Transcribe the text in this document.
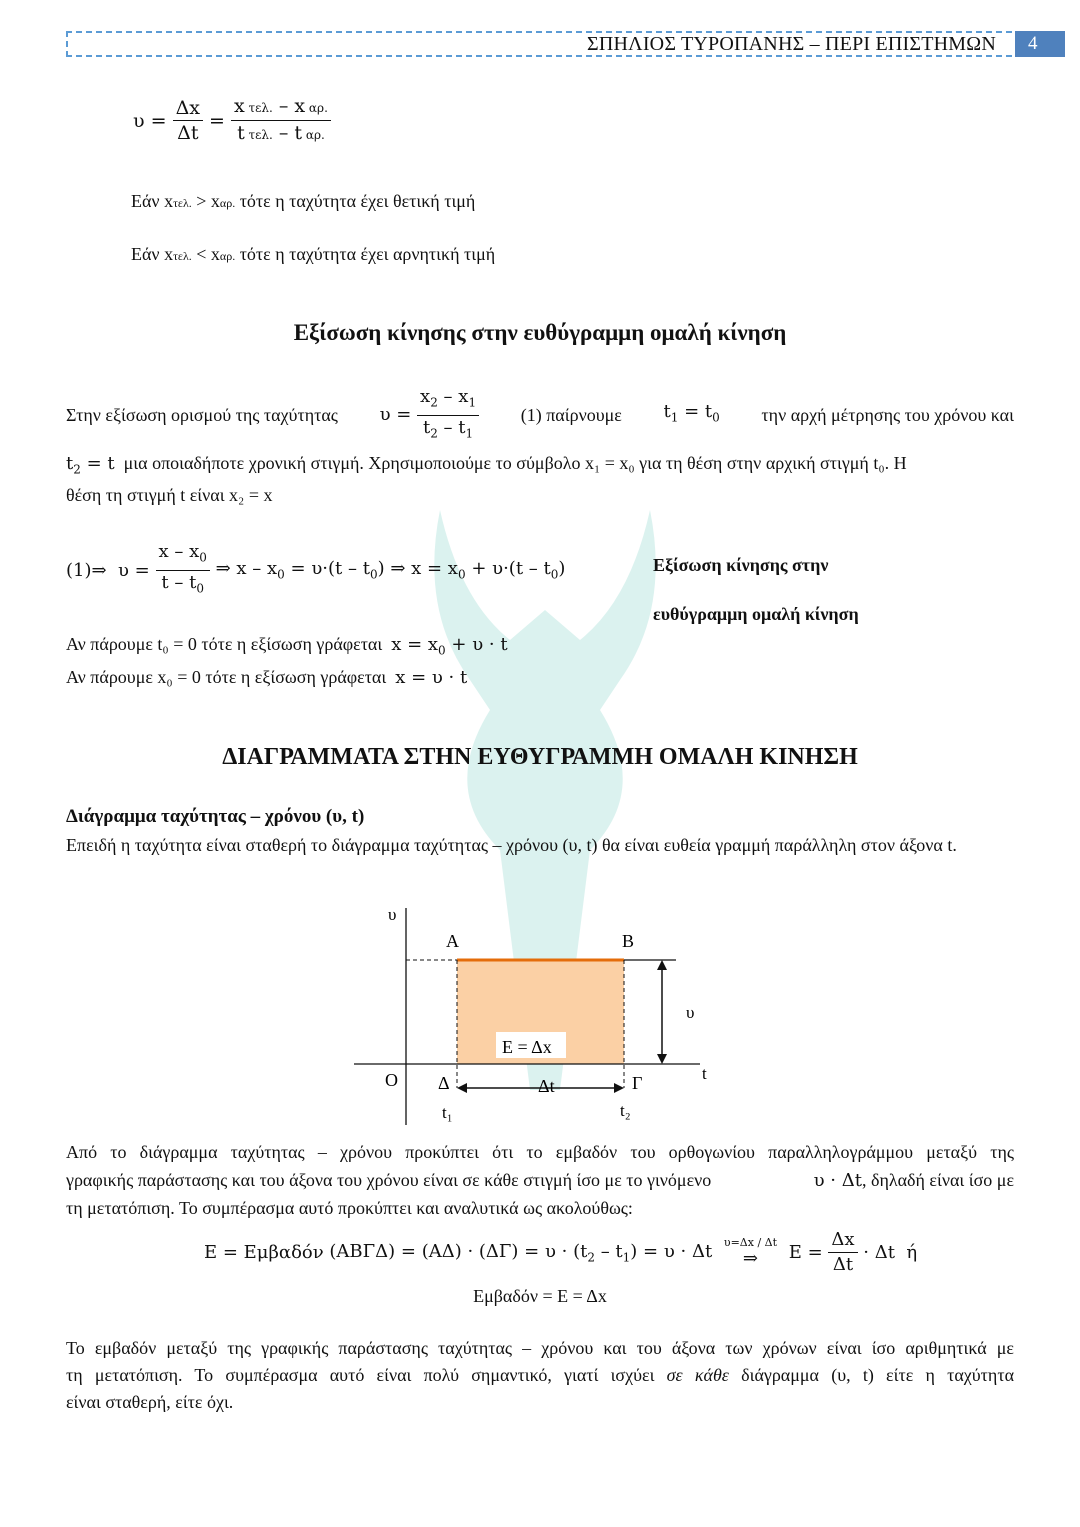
ΣΠΗΛΙΟΣ ΤΥΡΟΠΑΝΗΣ – ΠΕΡΙ ΕΠΙΣΤΗΜΩΝ	4
$\upsilon = \frac{\Delta x}{\Delta t} = \frac{\text{x τελ. – x αρ.}}{\text{t τελ. – t αρ.}}$
Εάν xτελ. > xαρ. τότε η ταχύτητα έχει θετική τιμή
Εάν xτελ. < xαρ. τότε η ταχύτητα έχει αρνητική τιμή
Εξίσωση κίνησης στην ευθύγραμμη ομαλή κίνηση
Στην εξίσωση ορισμού της ταχύτητας $\upsilon = \frac{x_2 - x_1}{t_2 - t_1} (1)$ παίρνουμε $t_1 = t_0$ την αρχή μέτρησης του χρόνου και
$t_2 = t$ μια οποιαδήποτε χρονική στιγμή. Χρησιμοποιούμε το σύμβολο x₁ = x₀ για τη θέση στην αρχική στιγμή t₀. Η
θέση τη στιγμή t είναι x₂ = x
(1)⇒  $\upsilon = \frac{x - x_0}{t - t_0}$ ⇒ $x - x_0 = \upsilon\cdot(t - t_0)$ ⇒ $x = x_0 + \upsilon\cdot(t - t_0)$	Εξίσωση κίνησης στην
ευθύγραμμη ομαλή κίνηση
Αν πάρουμε t₀ = 0 τότε η εξίσωση γράφεται $x = x_0 + \upsilon \cdot t$
Αν πάρουμε x₀ = 0 τότε η εξίσωση γράφεται x = υ · t
ΔΙΑΓΡΑΜΜΑΤΑ ΣΤΗΝ ΕΥΘΥΓΡΑΜΜΗ ΟΜΑΛΗ ΚΙΝΗΣΗ
Διάγραμμα ταχύτητας – χρόνου (υ, t)
Επειδή η ταχύτητα είναι σταθερή το διάγραμμα ταχύτητας – χρόνου (υ, t) θα είναι ευθεία γραμμή παράλληλη στον άξονα t.
Ε = Δx
υ
t
O
Α	Β
Γ
Δ	Δt
υ
t₁	t₂
Από το διάγραμμα ταχύτητας – χρόνου προκύπτει ότι το εμβαδόν του ορθογωνίου παραλληλογράμμου μεταξύ της
γραφικής παράστασης και του άξονα του χρόνου είναι σε κάθε στιγμή ίσο με το γινόμενο	υ · Δt, δηλαδή είναι ίσο με
τη μετατόπιση. Το συμπέρασμα αυτό προκύπτει και αναλυτικά ως ακολούθως:
Ε = Εμβαδόν $(AB\Gamma\Delta) = (A\Delta) \cdot (\Delta\Gamma) = \upsilon \cdot (t_2 - t_1) = \upsilon \cdot \Delta t$ υ=Δx / Δt
⇒ $E = \frac{\Delta x}{\Delta t} \cdot \Delta t$ ή
Εμβαδόν = Ε = Δx
Το εμβαδόν μεταξύ της γραφικής παράστασης ταχύτητας – χρόνου και του άξονα των χρόνων είναι ίσο αριθμητικά με
τη μετατόπιση. Το συμπέρασμα αυτό είναι πολύ σημαντικό, γιατί ισχύει σε κάθε διάγραμμα (υ, t) είτε η ταχύτητα
είναι σταθερή, είτε όχι.
